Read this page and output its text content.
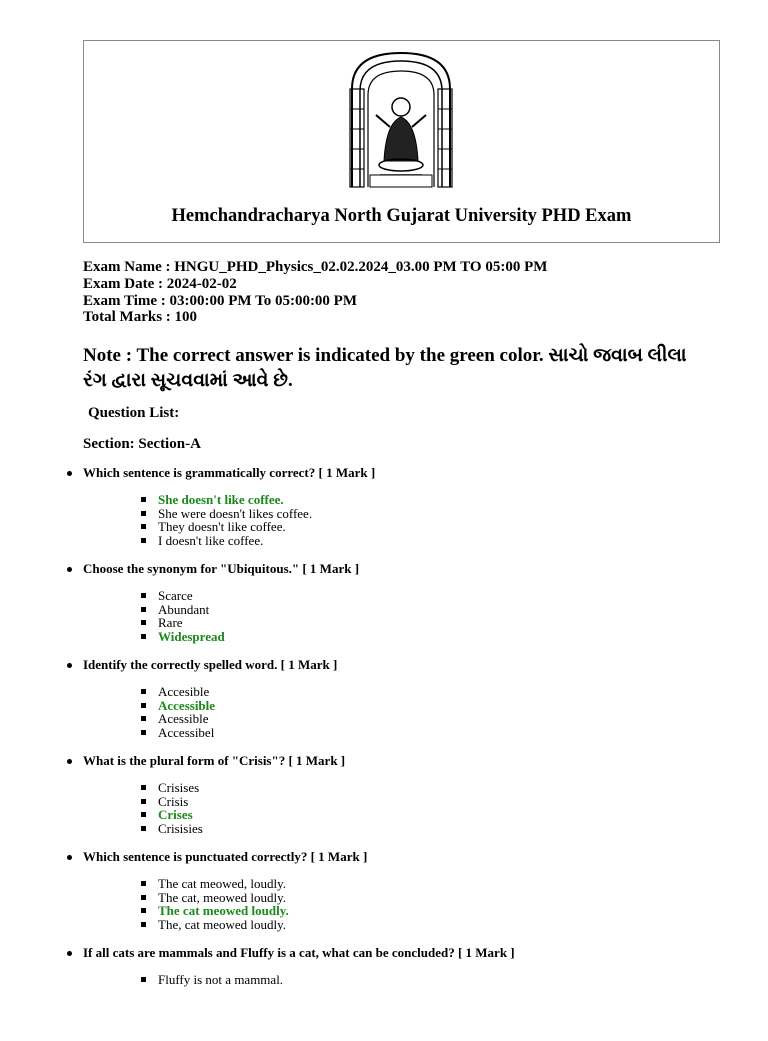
Hemchandracharya North Gujarat University PHD Exam
Exam Name : HNGU_PHD_Physics_02.02.2024_03.00 PM TO 05:00 PM
Exam Date : 2024-02-02
Exam Time : 03:00:00 PM To 05:00:00 PM
Total Marks : 100
Note : The correct answer is indicated by the green color. સાચો જવાબ લીલા રંગ દ્વારા સૂચવવામાં આવે છે.
Question List:
Section: Section-A
Which sentence is grammatically correct? [ 1 Mark ]
She doesn't like coffee.
She were doesn't likes coffee.
They doesn't like coffee.
I doesn't like coffee.
Choose the synonym for "Ubiquitous." [ 1 Mark ]
Scarce
Abundant
Rare
Widespread
Identify the correctly spelled word. [ 1 Mark ]
Accesible
Accessible
Acessible
Accessibel
What is the plural form of "Crisis"? [ 1 Mark ]
Crisises
Crisis
Crises
Crisisies
Which sentence is punctuated correctly? [ 1 Mark ]
The cat meowed, loudly.
The cat, meowed loudly.
The cat meowed loudly.
The, cat meowed loudly.
If all cats are mammals and Fluffy is a cat, what can be concluded? [ 1 Mark ]
Fluffy is not a mammal.
